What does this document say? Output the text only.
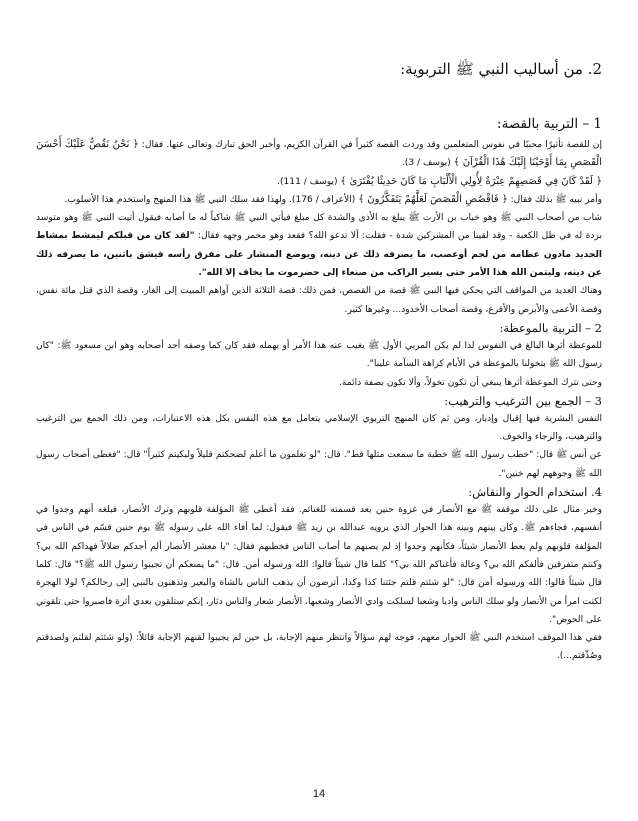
2. من أساليب النبي ﷺ التربوية:
1 – التربية بالقصة:

إن للقصة تأثيرًا محببًا في نفوس المتعلمين وقد وردت القصة كثيراً في القرآن الكريم، وأخبر الحق تبارك وتعالى عنها. فقال: ﴿ نَحْنُ نَقُصُّ عَلَيْكَ أَحْسَنَ الْقَصَصِ بِمَا أَوْحَيْنَا إِلَيْكَ هَٰذَا الْقُرْآنَ ﴾ (يوسف / 3).

﴿ لَقَدْ كَانَ فِي قَصَصِهِمْ عِبْرَةٌ لِأُولِي الْأَلْبَابِ مَا كَانَ حَدِيثًا يُفْتَرَىٰ ﴾ (يوسف / 111).

وأمر نبيه ﷺ بذلك فقال: ﴿ فَاقْصُصِ الْقَصَصَ لَعَلَّهُمْ يَتَفَكَّرُونَ ﴾ (الأعراف / 176). ولهذا فقد سلك النبي ﷺ هذا المنهج واستخدم هذا الأسلوب.

شاب من أصحاب النبي ﷺ وهو خباب بن الأرت ﷺ يبلغ به الأذى والشدة كل مبلغ فيأتي النبي ﷺ شاكياً له ما أصابه فيقول أتيت النبي ﷺ وهو متوسد بردة له في ظل الكعبة - وقد لقينا من المشركين شدة - فقلت: ألا تدعو الله؟ فقعد وهو محمر وجهه فقال: "لقد كان من قبلكم ليمشط بمشاط الحديد مادون عظامه من لحم أوعصب، ما يصرفه ذلك عن دينه، ويوضع المنشار على مفرق رأسه فيشق باثنين، ما يصرفه ذلك عن دينه، وليتمن الله هذا الأمر حتى يسير الراكب من صنعاء إلى حضرموت ما يخاف إلا الله".

وهناك العديد من المواقف التي يحكي فيها النبي ﷺ قصة من القصص، فمن ذلك: قصة الثلاثة الذين آواهم المبيت إلى الغار، وقصة الذي قتل مائة نفس، وقصة الأعمى والأبرص والأقرع، وقصة أصحاب الأخدود... وغيرها كثير.

2 – التربية بالموعظة:

للموعظة أثرها البالغ في النفوس لذا لم يكن المربي الأول ﷺ يغيب عنه هذا الأمر أو يهمله فقد كان كما وصفه أحد أصحابه وهو ابن مسعود ﷺ: "كان رسول الله ﷺ يتخولنا بالموعظة في الأيام كراهة السآمة علينا".

وحتى تترك الموعظة أثرها ينبغي أن تكون تخولاً، وألا تكون بصفة دائمة.

3 – الجمع بين الترغيب والترهيب:

النفس البشرية فيها إقبال وإدبار، ومن ثم كان المنهج التربوي الإسلامي يتعامل مع هذه النفس بكل هذه الاعتبارات، ومن ذلك الجمع بين الترغيب والترهيب، والرجاء والخوف.

عن أنس ﷺ قال: "خطب رسول الله ﷺ خطبة ما سمعت مثلها قط". قال: "لو تعلمون ما أعلم لضحكتم قليلاً ولبكيتم كثيراً" قال: "فغطى أصحاب رسول الله ﷺ وجوههم لهم خنين".

4. استخدام الحوار والنقاش:

وخير مثال على ذلك موقفه ﷺ مع الأنصار في غزوة حنين بعد قسمته للغنائم. فقد أعطى ﷺ المؤلفة قلوبهم وترك الأنصار، فبلغه أنهم وجدوا في أنفسهم، فجاءهم ﷺ. وكان بينهم وبينه هذا الحوار الذي يرويه عبدالله بن زيد ﷺ فيقول: لما أفاء الله على رسوله ﷺ يوم حنين قسّم في الناس في المؤلفة قلوبهم ولم يعط الأنصار شيئاً، فكأنهم وجدوا إذ لم يصبهم ما أصاب الناس فخطبهم فقال: "يا معشر الأنصار ألم أجدكم ضلالاً فهداكم الله بي؟ وكنتم متفرقين فألفكم الله بي؟ وعالة فأغناكم الله بي؟" كلما قال شيئاً قالوا: الله ورسوله أمن. قال: "ما يمنعكم أن تجيبوا رسول الله ﷺ؟" قال: كلما قال شيئاً قالوا: الله ورسوله أمن قال: "لو شئتم قلتم جئتنا كذا وكذا، أترضون أن يذهب الناس بالشاة والبعير وتذهبون بالنبي إلى رحالكم؟ لولا الهجرة لكنت امرأ من الأنصار ولو سلك الناس واديا وشعبا لسلكت وادي الأنصار وشعبها، الأنصار شعار والناس دثار، إنكم ستلقون بعدي أثرة فاصبروا حتى تلقوني على الحوض".

ففي هذا الموقف استخدم النبي ﷺ الحوار معهم، فوجه لهم سؤالاً وانتظر منهم الإجابة، بل حين لم يجيبوا لقنهم الإجابة قائلاً: (ولو شئتم لقلتم ولصدقتم وصُدِّقتم...).

14
